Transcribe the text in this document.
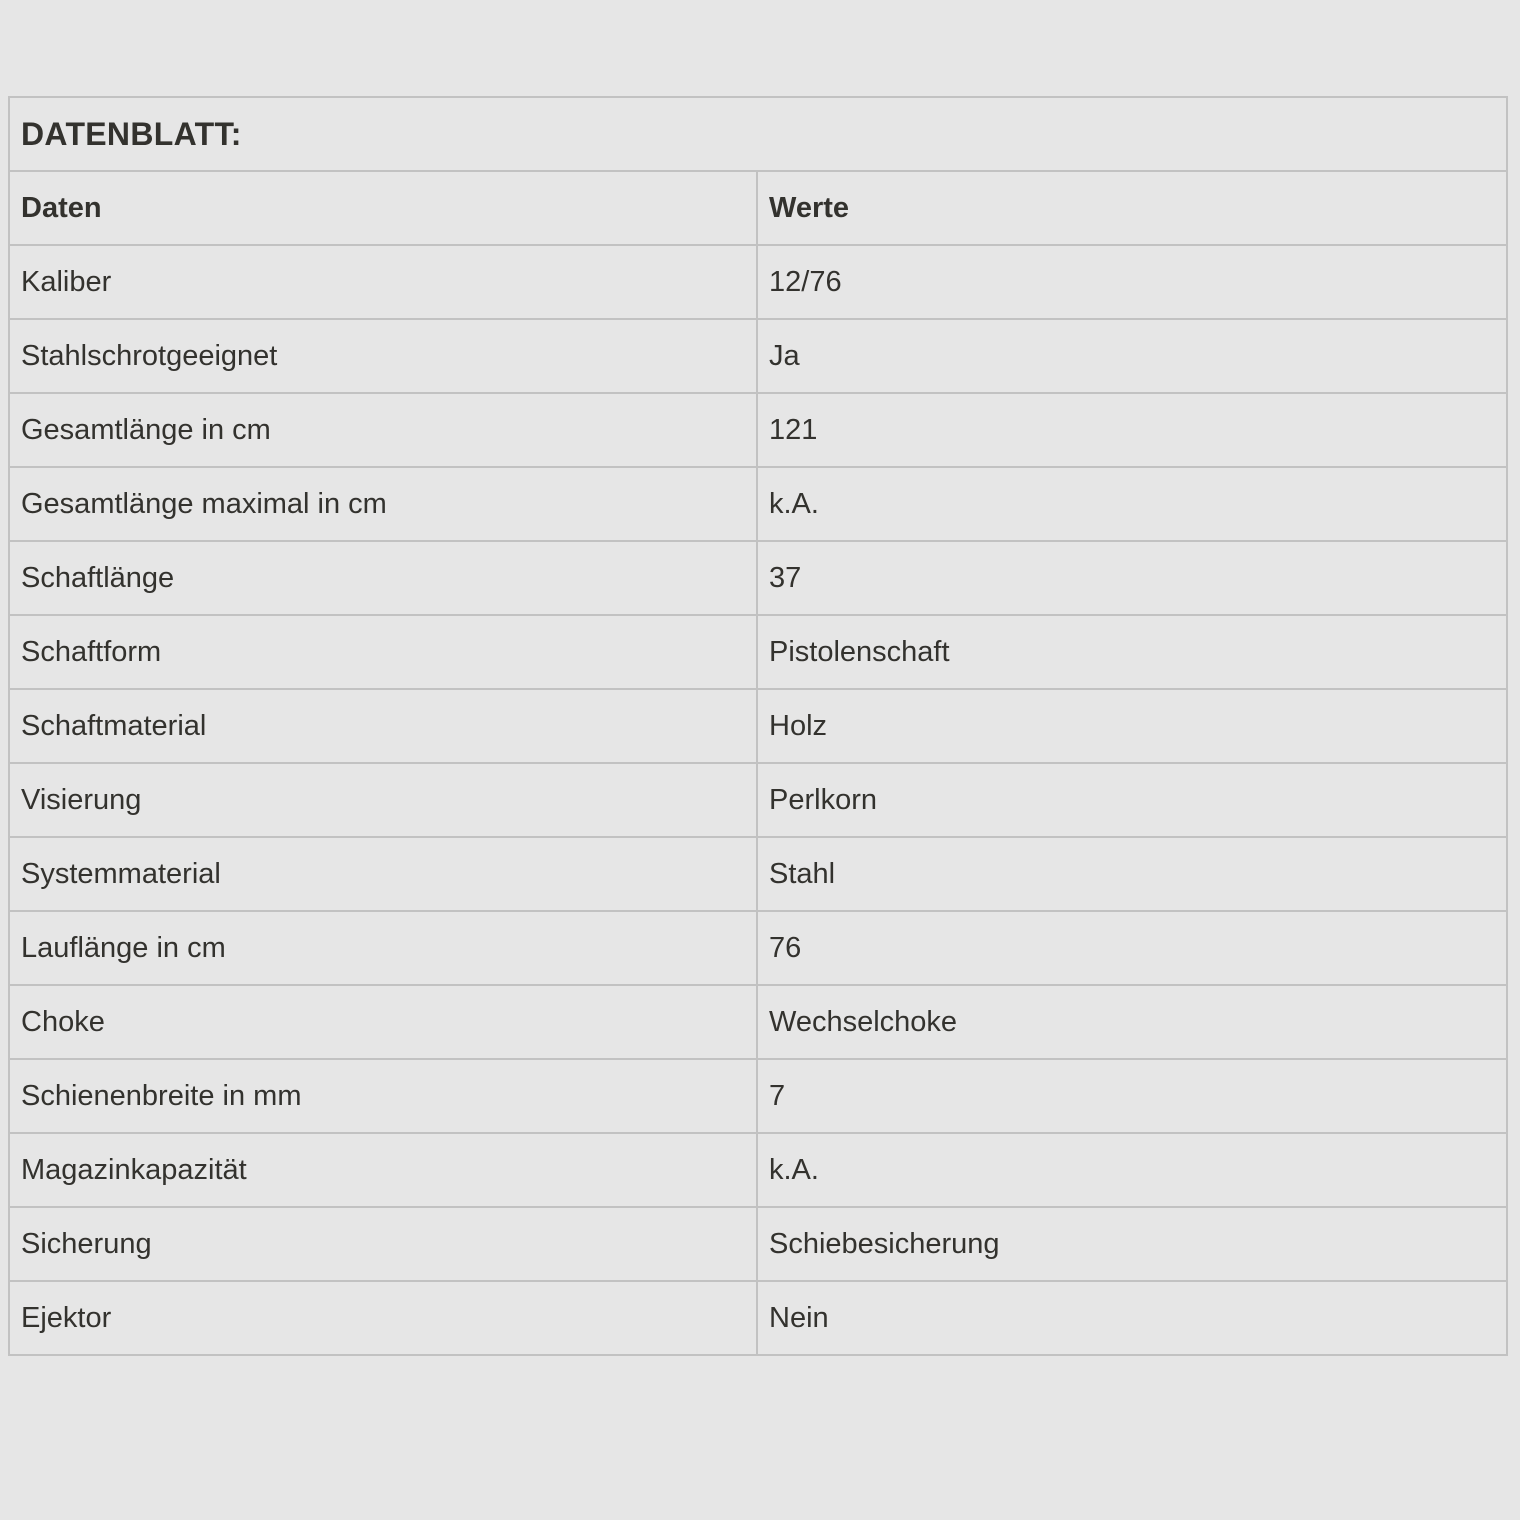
DATENBLATT:	
Daten	Werte
Kaliber	12/76
Stahlschrotgeeignet	Ja
Gesamtlänge in cm	121
Gesamtlänge maximal in cm	k.A.
Schaftlänge	37
Schaftform	Pistolenschaft
Schaftmaterial	Holz
Visierung	Perlkorn
Systemmaterial	Stahl
Lauflänge in cm	76
Choke	Wechselchoke
Schienenbreite in mm	7
Magazinkapazität	k.A.
Sicherung	Schiebesicherung
Ejektor	Nein
